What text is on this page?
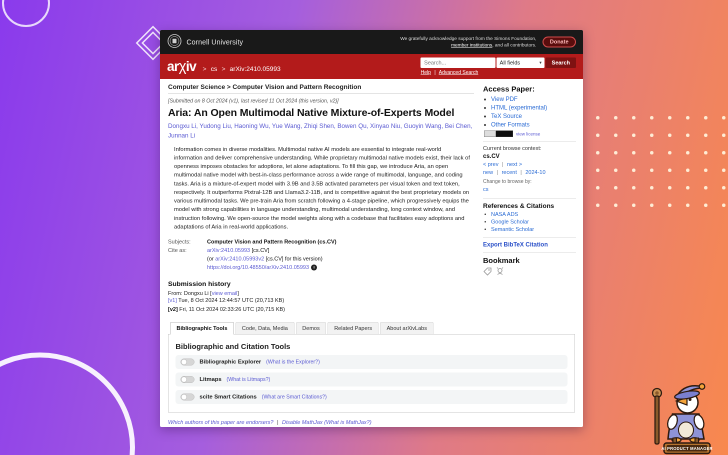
Cornell University	We gratefully acknowledge support from the Simons Foundation,
member institutions, and all contributors.
Donate
arχiv > cs > arXiv:2410.05993
Search...
All fields ▾ Search
Help | Advanced Search
Computer Science > Computer Vision and Pattern Recognition
[Submitted on 8 Oct 2024 (v1), last revised 11 Oct 2024 (this version, v2)]
Aria: An Open Multimodal Native Mixture-of-Experts Model
Dongxu Li , Yudong Liu , Haoning Wu , Yue Wang , Zhiqi Shen , Bowen Qu , Xinyao Niu , Guoyin Wang , Bei Chen , Junnan Li

Information comes in diverse modalities. Multimodal native AI models are essential to integrate real-world information and deliver comprehensive understanding. While proprietary multimodal native models exist, their lack of openness imposes obstacles for adoptions, let alone adaptations. To fill this gap, we introduce Aria, an open multimodal native model with best-in-class performance across a wide range of multimodal, language, and coding tasks. Aria is a mixture-of-expert model with 3.9B and 3.5B activated parameters per visual token and text token, respectively. It outperforms Pixtral-12B and Llama3.2-11B, and is competitive against the best proprietary models on various multimodal tasks. We pre-train Aria from scratch following a 4-stage pipeline, which progressively equips the model with strong capabilities in language understanding, multimodal understanding, long context window, and instruction following. We open-source the model weights along with a codebase that facilitates easy adoptions and adaptations of Aria in real-world applications.

Subjects:	Computer Vision and Pattern Recognition (cs.CV)
Cite as:	arXiv:2410.05993 [cs.CV]
(or arXiv:2410.05993v2 [cs.CV] for this version)
https://doi.org/10.48550/arXiv.2410.05993 i
Submission history
From: Dongxu Li [view email]
[v1] Tue, 8 Oct 2024 12:44:57 UTC (20,713 KB)
[v2] Fri, 11 Oct 2024 02:33:26 UTC (20,715 KB)
Access Paper:
• View PDF
• HTML (experimental)
• TeX Source
• Other Formats
view license
Current browse context:
cs.CV
< prev | next >
new | recent | 2024-10
Change to browse by:
cs
References & Citations
• NASA ADS
• Google Scholar
• Semantic Scholar
Export BibTeX Citation
Bookmark
Bibliographic Tools	Code, Data, Media	Demos	Related Papers	About arXivLabs
Bibliographic and Citation Tools
Bibliographic Explorer (What is the Explorer?)
Litmaps (What is Litmaps?)
scite Smart Citations (What are Smart Citations?)
Which authors of this paper are endorsers? | Disable MathJax (What is MathJax?)
AI PRODUCT MANAGER
